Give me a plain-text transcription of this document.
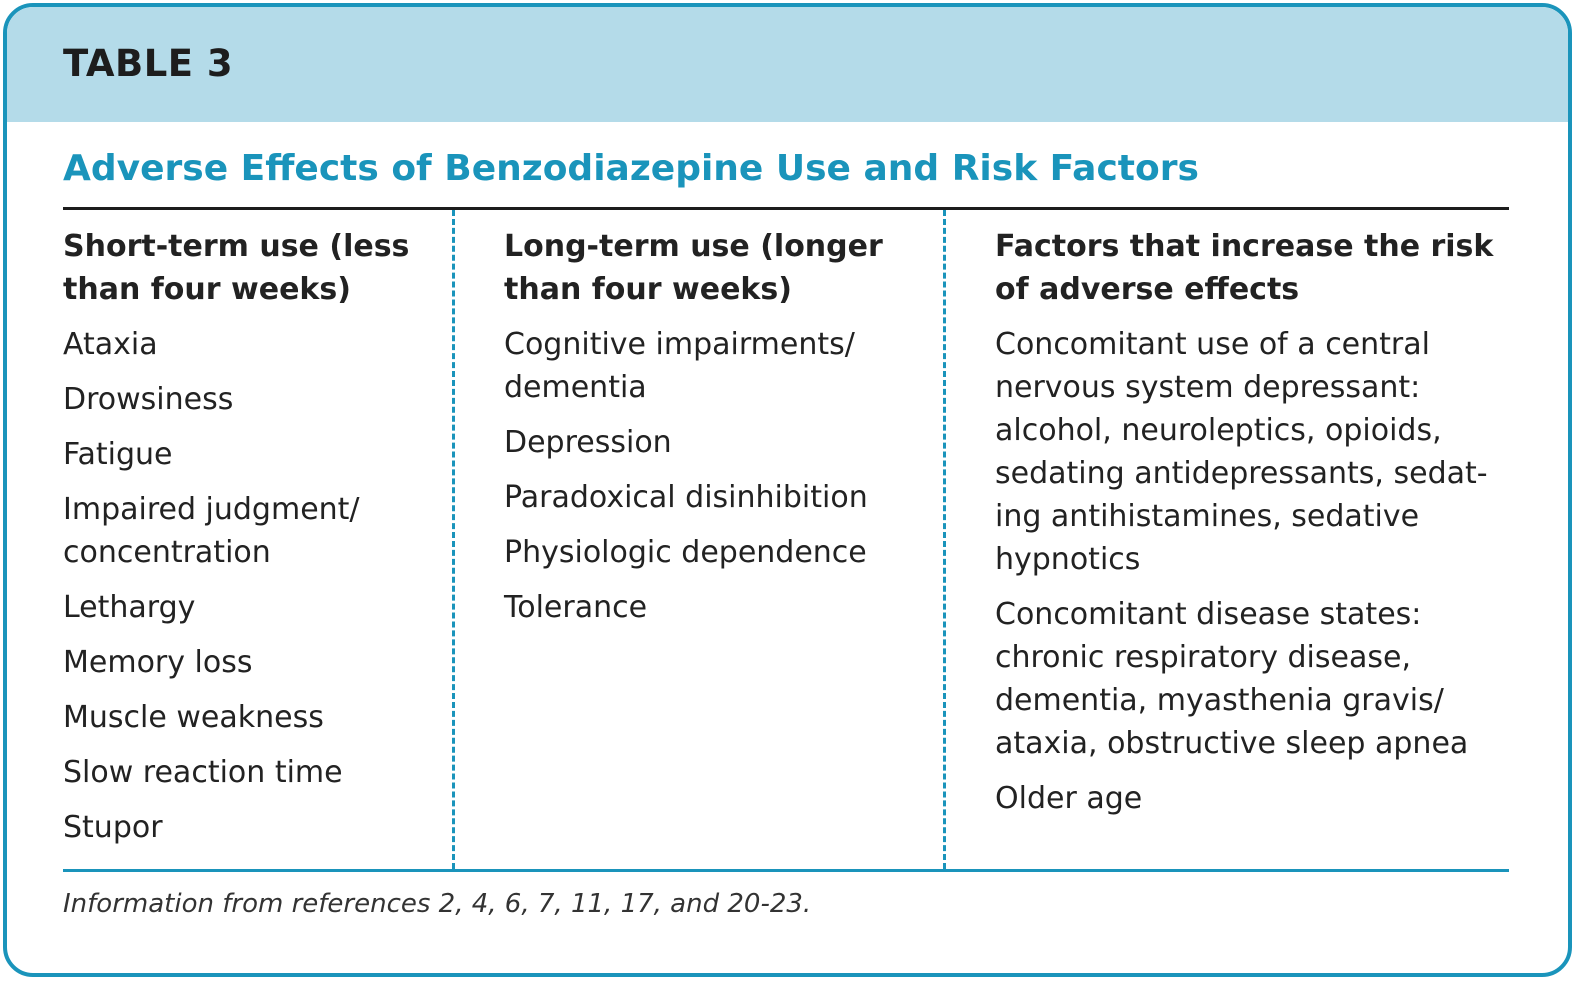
TABLE 3
Adverse Effects of Benzodiazepine Use and Risk Factors
Short-term use (less than four weeks)
Ataxia
Drowsiness
Fatigue
Impaired judgment/ concentration
Lethargy
Memory loss
Muscle weakness
Slow reaction time
Stupor
Long-term use (longer than four weeks)
Cognitive impairments/ dementia
Depression
Paradoxical disinhibition
Physiologic dependence
Tolerance
Factors that increase the risk of adverse effects
Concomitant use of a central nervous system depressant: alcohol, neuroleptics, opioids, sedating antidepressants, sedat-ing antihistamines, sedative hypnotics
Concomitant disease states: chronic respiratory disease, dementia, myasthenia gravis/ ataxia, obstructive sleep apnea
Older age

Information from references 2, 4, 6, 7, 11, 17, and 20-23.
